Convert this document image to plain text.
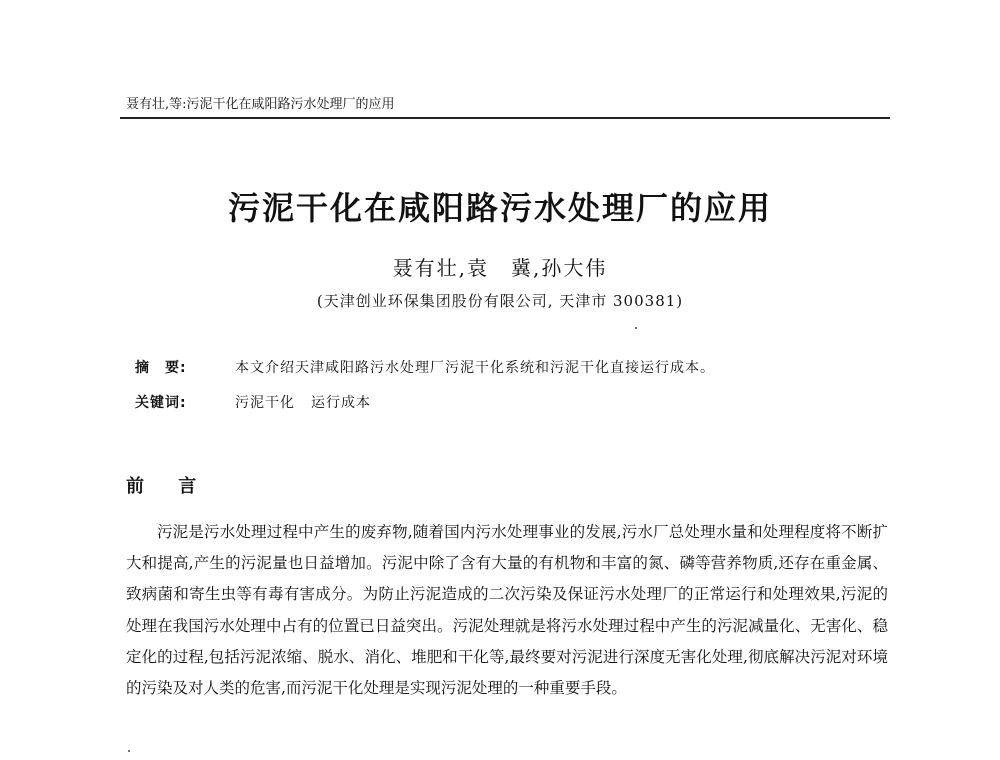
聂有壮,等:污泥干化在咸阳路污水处理厂的应用
污泥干化在咸阳路污水处理厂的应用
聂有壮,袁　冀,孙大伟
(天津创业环保集团股份有限公司, 天津市 300381)
摘　要:	本文介绍天津咸阳路污水处理厂污泥干化系统和污泥干化直接运行成本。
关键词:	污泥干化 运行成本
前 言
污泥是污水处理过程中产生的废弃物,随着国内污水处理事业的发展,污水厂总处理水量和处理程度将不断扩大和提高,产生的污泥量也日益增加。污泥中除了含有大量的有机物和丰富的氮、磷等营养物质,还存在重金属、致病菌和寄生虫等有毒有害成分。为防止污泥造成的二次污染及保证污水处理厂的正常运行和处理效果,污泥的处理在我国污水处理中占有的位置已日益突出。污泥处理就是将污水处理过程中产生的污泥减量化、无害化、稳定化的过程,包括污泥浓缩、脱水、消化、堆肥和干化等,最终要对污泥进行深度无害化处理,彻底解决污泥对环境的污染及对人类的危害,而污泥干化处理是实现污泥处理的一种重要手段。
